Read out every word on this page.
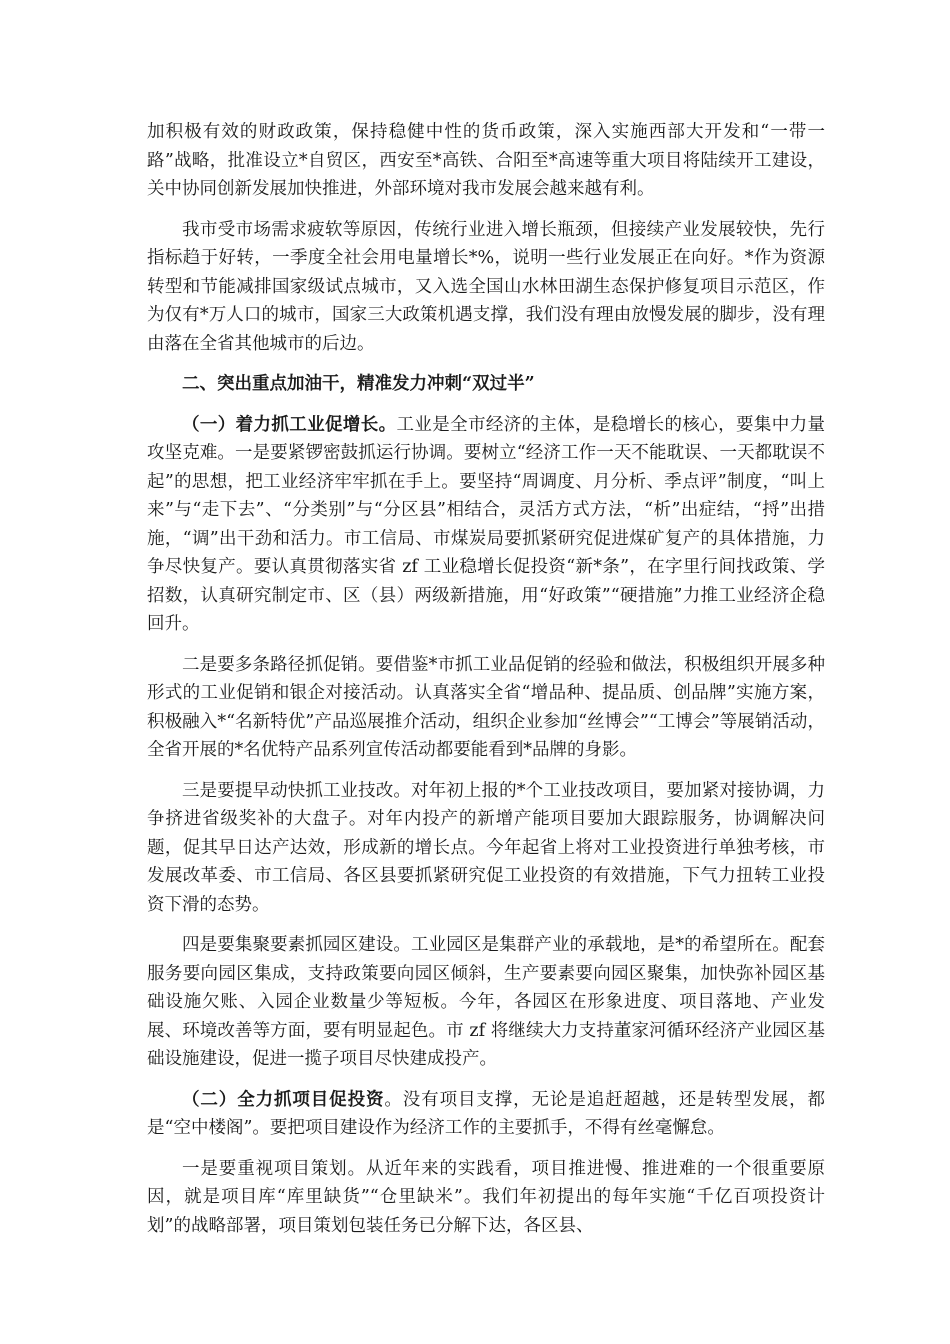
加积极有效的财政政策，保持稳健中性的货币政策，深入实施西部大开发和“一带一路”战略，批准设立*自贸区，西安至*高铁、合阳至*高速等重大项目将陆续开工建设，关中协同创新发展加快推进，外部环境对我市发展会越来越有利。

我市受市场需求疲软等原因，传统行业进入增长瓶颈，但接续产业发展较快，先行指标趋于好转，一季度全社会用电量增长*%，说明一些行业发展正在向好。*作为资源转型和节能减排国家级试点城市，又入选全国山水林田湖生态保护修复项目示范区，作为仅有*万人口的城市，国家三大政策机遇支撑，我们没有理由放慢发展的脚步，没有理由落在全省其他城市的后边。

二、突出重点加油干，精准发力冲刺“双过半”

（一）着力抓工业促增长。工业是全市经济的主体，是稳增长的核心，要集中力量攻坚克难。一是要紧锣密鼓抓运行协调。要树立“经济工作一天不能耽误、一天都耽误不起”的思想，把工业经济牢牢抓在手上。要坚持“周调度、月分析、季点评”制度，“叫上来”与“走下去”、“分类别”与“分区县”相结合，灵活方式方法，“析”出症结，“捋”出措施，“调”出干劲和活力。市工信局、市煤炭局要抓紧研究促进煤矿复产的具体措施，力争尽快复产。要认真贯彻落实省 zf 工业稳增长促投资“新*条”，在字里行间找政策、学招数，认真研究制定市、区（县）两级新措施，用“好政策”“硬措施”力推工业经济企稳回升。

二是要多条路径抓促销。要借鉴*市抓工业品促销的经验和做法，积极组织开展多种形式的工业促销和银企对接活动。认真落实全省“增品种、提品质、创品牌”实施方案，积极融入*“名新特优”产品巡展推介活动，组织企业参加“丝博会”“工博会”等展销活动，全省开展的*名优特产品系列宣传活动都要能看到*品牌的身影。

三是要提早动快抓工业技改。对年初上报的*个工业技改项目，要加紧对接协调，力争挤进省级奖补的大盘子。对年内投产的新增产能项目要加大跟踪服务，协调解决问题，促其早日达产达效，形成新的增长点。今年起省上将对工业投资进行单独考核，市发展改革委、市工信局、各区县要抓紧研究促工业投资的有效措施，下气力扭转工业投资下滑的态势。

四是要集聚要素抓园区建设。工业园区是集群产业的承载地，是*的希望所在。配套服务要向园区集成，支持政策要向园区倾斜，生产要素要向园区聚集，加快弥补园区基础设施欠账、入园企业数量少等短板。今年，各园区在形象进度、项目落地、产业发展、环境改善等方面，要有明显起色。市 zf 将继续大力支持董家河循环经济产业园区基础设施建设，促进一揽子项目尽快建成投产。

（二）全力抓项目促投资。没有项目支撑，无论是追赶超越，还是转型发展，都是“空中楼阁”。要把项目建设作为经济工作的主要抓手，不得有丝毫懈怠。

一是要重视项目策划。从近年来的实践看，项目推进慢、推进难的一个很重要原因，就是项目库“库里缺货”“仓里缺米”。我们年初提出的每年实施“千亿百项投资计划”的战略部署，项目策划包装任务已分解下达，各区县、
